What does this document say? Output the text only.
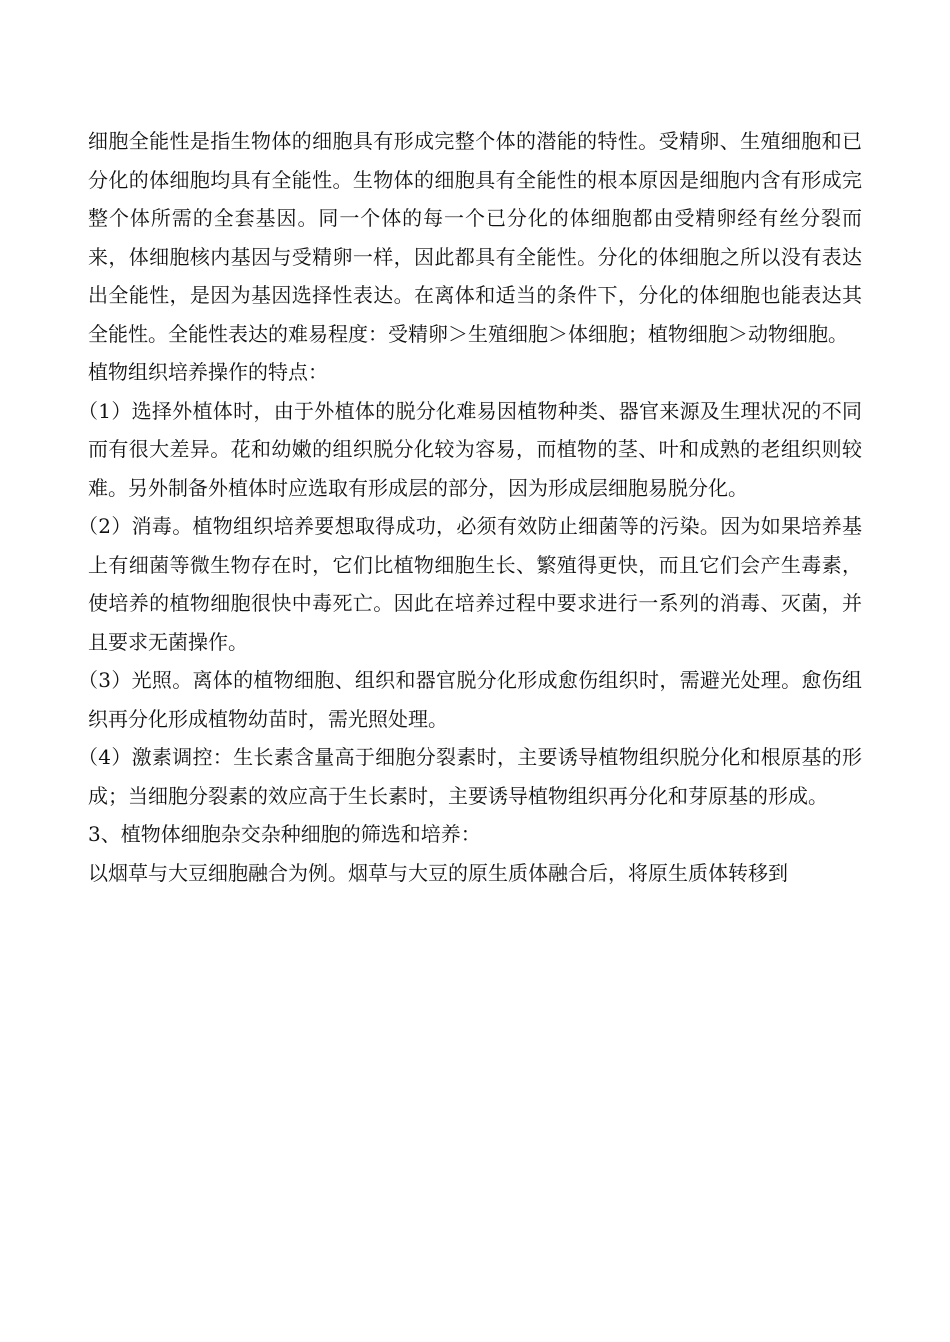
细胞全能性是指生物体的细胞具有形成完整个体的潜能的特性。受精卵、生殖细胞和已分化的体细胞均具有全能性。生物体的细胞具有全能性的根本原因是细胞内含有形成完整个体所需的全套基因。同一个体的每一个已分化的体细胞都由受精卵经有丝分裂而来，体细胞核内基因与受精卵一样，因此都具有全能性。分化的体细胞之所以没有表达出全能性，是因为基因选择性表达。在离体和适当的条件下，分化的体细胞也能表达其全能性。全能性表达的难易程度：受精卵＞生殖细胞＞体细胞；植物细胞＞动物细胞。

植物组织培养操作的特点：

（1）选择外植体时，由于外植体的脱分化难易因植物种类、器官来源及生理状况的不同而有很大差异。花和幼嫩的组织脱分化较为容易，而植物的茎、叶和成熟的老组织则较难。另外制备外植体时应选取有形成层的部分，因为形成层细胞易脱分化。

（2）消毒。植物组织培养要想取得成功，必须有效防止细菌等的污染。因为如果培养基上有细菌等微生物存在时，它们比植物细胞生长、繁殖得更快，而且它们会产生毒素，使培养的植物细胞很快中毒死亡。因此在培养过程中要求进行一系列的消毒、灭菌，并且要求无菌操作。

（3）光照。离体的植物细胞、组织和器官脱分化形成愈伤组织时，需避光处理。愈伤组织再分化形成植物幼苗时，需光照处理。

（4）激素调控：生长素含量高于细胞分裂素时，主要诱导植物组织脱分化和根原基的形成；当细胞分裂素的效应高于生长素时，主要诱导植物组织再分化和芽原基的形成。

3、植物体细胞杂交杂种细胞的筛选和培养：

以烟草与大豆细胞融合为例。烟草与大豆的原生质体融合后，将原生质体转移到
